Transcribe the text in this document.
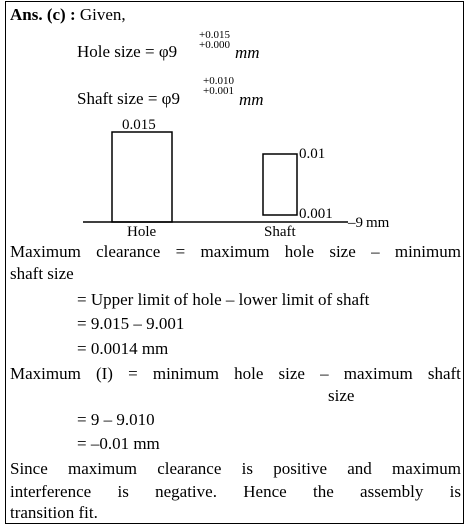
Ans. (c) : Given,
Hole size = φ9
+0.015
+0.000 mm
Shaft size = φ9
+0.010
+0.001 mm
0.015
0.01
0.001
–9 mm
Hole	Shaft
Maximum clearance = maximum hole size – minimum
shaft size
= Upper limit of hole – lower limit of shaft
= 9.015 – 9.001
= 0.0014 mm
Maximum (I) = minimum hole size – maximum shaft
size
= 9 – 9.010
= –0.01 mm
Since maximum clearance is positive and maximum
interference is negative. Hence the assembly is
transition fit.
